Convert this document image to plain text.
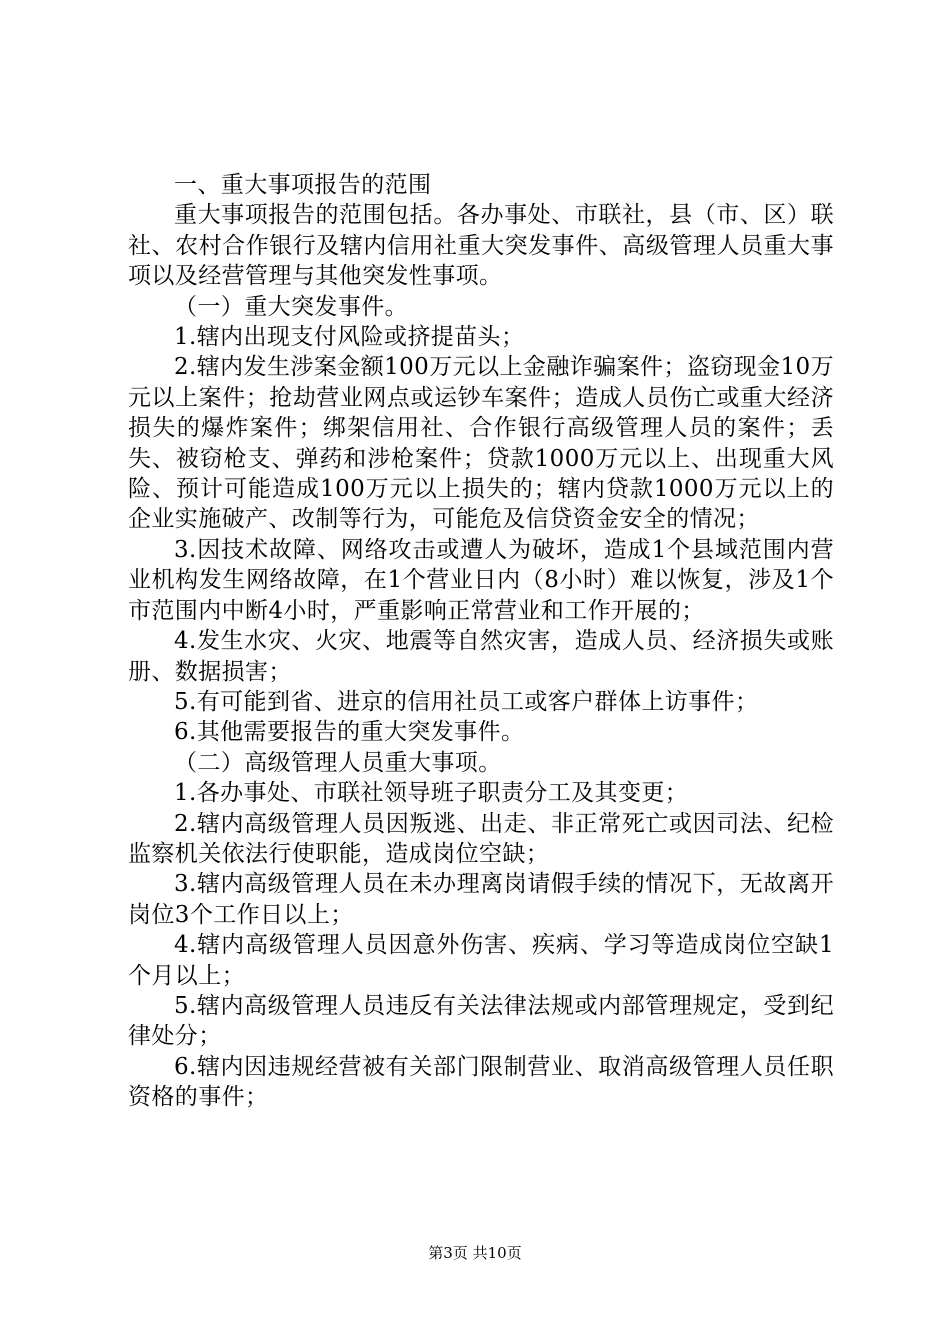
一、重大事项报告的范围

重大事项报告的范围包括。各办事处、市联社，县（市、区）联社、农村合作银行及辖内信用社重大突发事件、高级管理人员重大事项以及经营管理与其他突发性事项。

（一）重大突发事件。

1.辖内出现支付风险或挤提苗头；

2.辖内发生涉案金额100万元以上金融诈骗案件；盗窃现金10万元以上案件；抢劫营业网点或运钞车案件；造成人员伤亡或重大经济损失的爆炸案件；绑架信用社、合作银行高级管理人员的案件；丢失、被窃枪支、弹药和涉枪案件；贷款1000万元以上、出现重大风险、预计可能造成100万元以上损失的；辖内贷款1000万元以上的企业实施破产、改制等行为，可能危及信贷资金安全的情况；

3.因技术故障、网络攻击或遭人为破坏，造成1个县域范围内营业机构发生网络故障，在1个营业日内（8小时）难以恢复，涉及1个市范围内中断4小时，严重影响正常营业和工作开展的；

4.发生水灾、火灾、地震等自然灾害，造成人员、经济损失或账册、数据损害；

5.有可能到省、进京的信用社员工或客户群体上访事件；

6.其他需要报告的重大突发事件。

（二）高级管理人员重大事项。

1.各办事处、市联社领导班子职责分工及其变更；

2.辖内高级管理人员因叛逃、出走、非正常死亡或因司法、纪检监察机关依法行使职能，造成岗位空缺；

3.辖内高级管理人员在未办理离岗请假手续的情况下，无故离开岗位3个工作日以上；

4.辖内高级管理人员因意外伤害、疾病、学习等造成岗位空缺1个月以上；

5.辖内高级管理人员违反有关法律法规或内部管理规定，受到纪律处分；

6.辖内因违规经营被有关部门限制营业、取消高级管理人员任职资格的事件；

第3页 共10页
